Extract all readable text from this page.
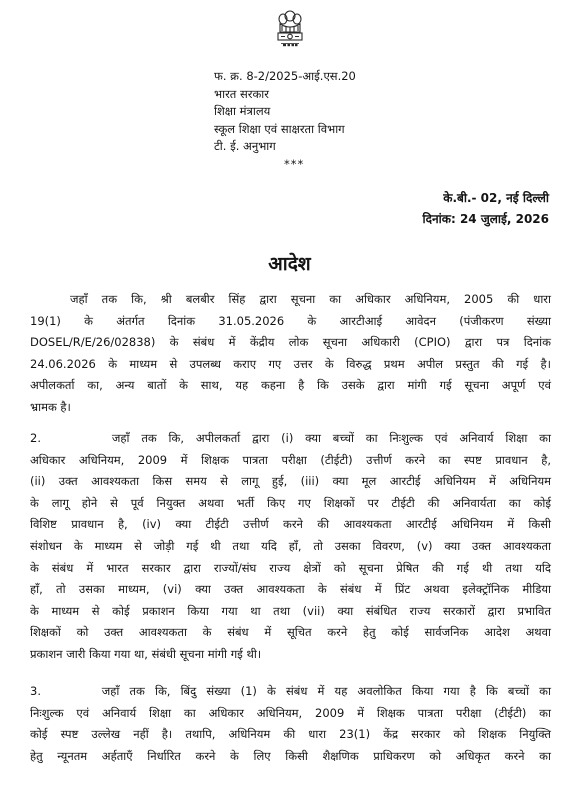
फ. क्र. 8-2/2025-आई.एस.20
भारत सरकार
शिक्षा मंत्रालय
स्कूल शिक्षा एवं साक्षरता विभाग
टी. ई. अनुभाग
***
के.बी.- 02, नई दिल्ली
दिनांक: 24 जुलाई, 2026
आदेश
जहाँ तक कि, श्री बलबीर सिंह द्वारा सूचना का अधिकार अधिनियम, 2005 की धारा
19(1) के अंतर्गत दिनांक 31.05.2026 के आरटीआई आवेदन (पंजीकरण संख्या
DOSEL/R/E/26/02838) के संबंध में केंद्रीय लोक सूचना अधिकारी (CPIO) द्वारा पत्र दिनांक
24.06.2026 के माध्यम से उपलब्ध कराए गए उत्तर के विरुद्ध प्रथम अपील प्रस्तुत की गई है।
अपीलकर्ता का, अन्य बातों के साथ, यह कहना है कि उसके द्वारा मांगी गई सूचना अपूर्ण एवं
भ्रामक है।
2.      जहाँ तक कि, अपीलकर्ता द्वारा (i) क्या बच्चों का निःशुल्क एवं अनिवार्य शिक्षा का
अधिकार अधिनियम, 2009 में शिक्षक पात्रता परीक्षा (टीईटी) उत्तीर्ण करने का स्पष्ट प्रावधान है,
(ii) उक्त आवश्यकता किस समय से लागू हुई, (iii) क्या मूल आरटीई अधिनियम में अधिनियम
के लागू होने से पूर्व नियुक्त अथवा भर्ती किए गए शिक्षकों पर टीईटी की अनिवार्यता का कोई
विशिष्ट प्रावधान है, (iv) क्या टीईटी उत्तीर्ण करने की आवश्यकता आरटीई अधिनियम में किसी
संशोधन के माध्यम से जोड़ी गई थी तथा यदि हाँ, तो उसका विवरण, (v) क्या उक्त आवश्यकता
के संबंध में भारत सरकार द्वारा राज्यों/संघ राज्य क्षेत्रों को सूचना प्रेषित की गई थी तथा यदि
हाँ, तो उसका माध्यम, (vi) क्या उक्त आवश्यकता के संबंध में प्रिंट अथवा इलेक्ट्रॉनिक मीडिया
के माध्यम से कोई प्रकाशन किया गया था तथा (vii) क्या संबंधित राज्य सरकारों द्वारा प्रभावित
शिक्षकों को उक्त आवश्यकता के संबंध में सूचित करने हेतु कोई सार्वजनिक आदेश अथवा
प्रकाशन जारी किया गया था, संबंधी सूचना मांगी गई थी।
3.      जहाँ तक कि, बिंदु संख्या (1) के संबंध में यह अवलोकित किया गया है कि बच्चों का
निःशुल्क एवं अनिवार्य शिक्षा का अधिकार अधिनियम, 2009 में शिक्षक पात्रता परीक्षा (टीईटी) का
कोई स्पष्ट उल्लेख नहीं है। तथापि, अधिनियम की धारा 23(1) केंद्र सरकार को शिक्षक नियुक्ति
हेतु न्यूनतम अर्हताएँ निर्धारित करने के लिए किसी शैक्षणिक प्राधिकरण को अधिकृत करने का
